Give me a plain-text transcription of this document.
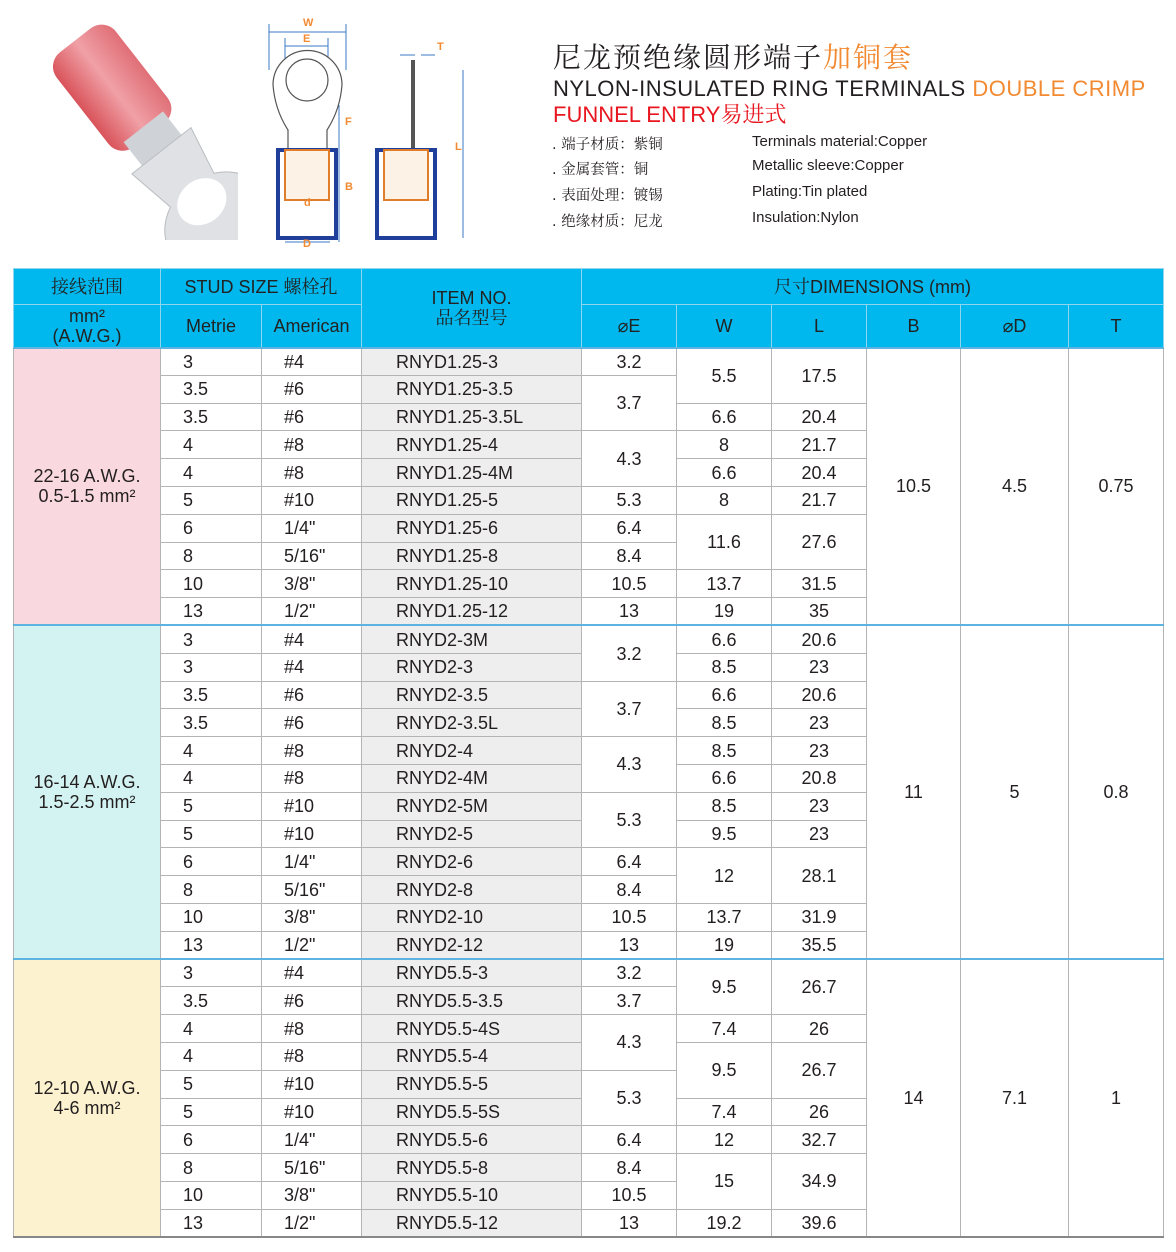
W
E
T
F
L
B
d
D
尼龙预绝缘圆形端子加铜套
NYLON-INSULATED RING TERMINALS DOUBLE CRIMP
FUNNEL ENTRY易进式
. 端子材质：紫铜	Terminals material:Copper
. 金属套管：铜	Metallic sleeve:Copper
. 表面处理：镀锡	Plating:Tin plated
. 绝缘材质：尼龙	Insulation:Nylon
接线范围	STUD SIZE 螺栓孔		ITEM NO.
品名型号	尺寸DIMENSIONS (mm)					
mm²
(A.W.G.)	Metrie	American		⌀E	W	L	B	⌀D	T
22-16 A.W.G.
0.5-1.5 mm²	3	#4	RNYD1.25-3	3.2	5.5	17.5	10.5	4.5	0.75
	3.5	#6	RNYD1.25-3.5	3.7					
	3.5	#6	RNYD1.25-3.5L		6.6	20.4			
	4	#8	RNYD1.25-4	4.3	8	21.7			
	4	#8	RNYD1.25-4M		6.6	20.4			
	5	#10	RNYD1.25-5	5.3	8	21.7			
	6	1/4"	RNYD1.25-6	6.4	11.6	27.6			
	8	5/16"	RNYD1.25-8	8.4					
	10	3/8"	RNYD1.25-10	10.5	13.7	31.5			
	13	1/2"	RNYD1.25-12	13	19	35			
16-14 A.W.G.
1.5-2.5 mm²	3	#4	RNYD2-3M	3.2	6.6	20.6	11	5	0.8
	3	#4	RNYD2-3		8.5	23			
	3.5	#6	RNYD2-3.5	3.7	6.6	20.6			
	3.5	#6	RNYD2-3.5L		8.5	23			
	4	#8	RNYD2-4	4.3	8.5	23			
	4	#8	RNYD2-4M		6.6	20.8			
	5	#10	RNYD2-5M	5.3	8.5	23			
	5	#10	RNYD2-5		9.5	23			
	6	1/4"	RNYD2-6	6.4	12	28.1			
	8	5/16"	RNYD2-8	8.4					
	10	3/8"	RNYD2-10	10.5	13.7	31.9			
	13	1/2"	RNYD2-12	13	19	35.5			
12-10 A.W.G.
4-6 mm²	3	#4	RNYD5.5-3	3.2	9.5	26.7	14	7.1	1
	3.5	#6	RNYD5.5-3.5	3.7					
	4	#8	RNYD5.5-4S	4.3	7.4	26			
	4	#8	RNYD5.5-4		9.5	26.7			
	5	#10	RNYD5.5-5	5.3					
	5	#10	RNYD5.5-5S		7.4	26			
	6	1/4"	RNYD5.5-6	6.4	12	32.7			
	8	5/16"	RNYD5.5-8	8.4	15	34.9			
	10	3/8"	RNYD5.5-10	10.5					
	13	1/2"	RNYD5.5-12	13	19.2	39.6			
